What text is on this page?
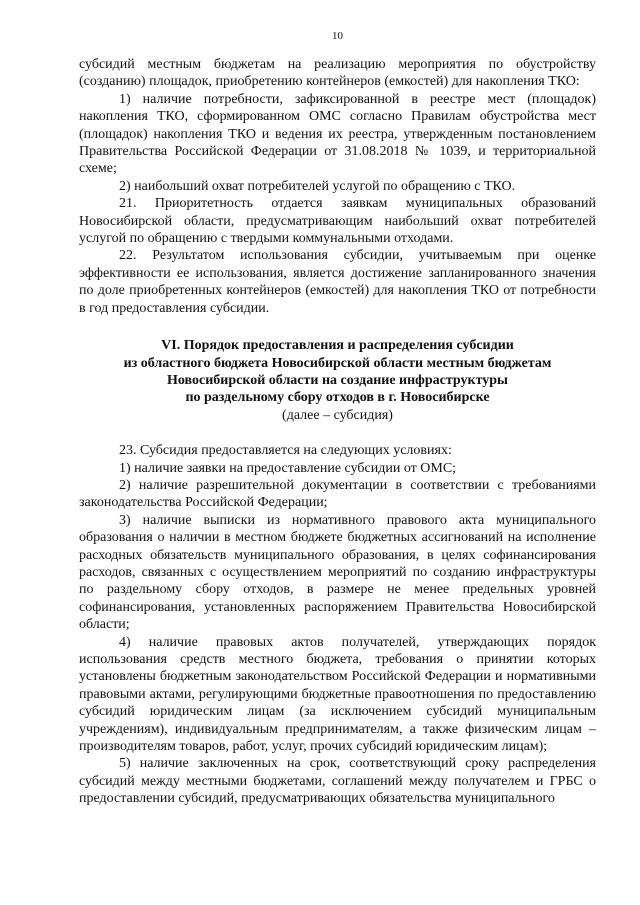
10

субсидий местным бюджетам на реализацию мероприятия по обустройству (созданию) площадок, приобретению контейнеров (емкостей) для накопления ТКО:

1) наличие потребности, зафиксированной в реестре мест (площадок) накопления ТКО, сформированном ОМС согласно Правилам обустройства мест (площадок) накопления ТКО и ведения их реестра, утвержденным постановлением Правительства Российской Федерации от 31.08.2018 № 1039, и территориальной схеме;

2) наибольший охват потребителей услугой по обращению с ТКО.

21. Приоритетность отдается заявкам муниципальных образований Новосибирской области, предусматривающим наибольший охват потребителей услугой по обращению с твердыми коммунальными отходами.

22. Результатом использования субсидии, учитываемым при оценке эффективности ее использования, является достижение запланированного значения по доле приобретенных контейнеров (емкостей) для накопления ТКО от потребности в год предоставления субсидии.

VI. Порядок предоставления и распределения субсидии
из областного бюджета Новосибирской области местным бюджетам
Новосибирской области на создание инфраструктуры
по раздельному сбору отходов в г. Новосибирске
(далее – субсидия)

23. Субсидия предоставляется на следующих условиях:

1) наличие заявки на предоставление субсидии от ОМС;

2) наличие разрешительной документации в соответствии с требованиями законодательства Российской Федерации;

3) наличие выписки из нормативного правового акта муниципального образования о наличии в местном бюджете бюджетных ассигнований на исполнение расходных обязательств муниципального образования, в целях софинансирования расходов, связанных с осуществлением мероприятий по созданию инфраструктуры по раздельному сбору отходов, в размере не менее предельных уровней софинансирования, установленных распоряжением Правительства Новосибирской области;

4) наличие правовых актов получателей, утверждающих порядок использования средств местного бюджета, требования о принятии которых установлены бюджетным законодательством Российской Федерации и нормативными правовыми актами, регулирующими бюджетные правоотношения по предоставлению субсидий юридическим лицам (за исключением субсидий муниципальным учреждениям), индивидуальным предпринимателям, а также физическим лицам – производителям товаров, работ, услуг, прочих субсидий юридическим лицам);

5) наличие заключенных на срок, соответствующий сроку распределения субсидий между местными бюджетами, соглашений между получателем и ГРБС о предоставлении субсидий, предусматривающих обязательства муниципального
